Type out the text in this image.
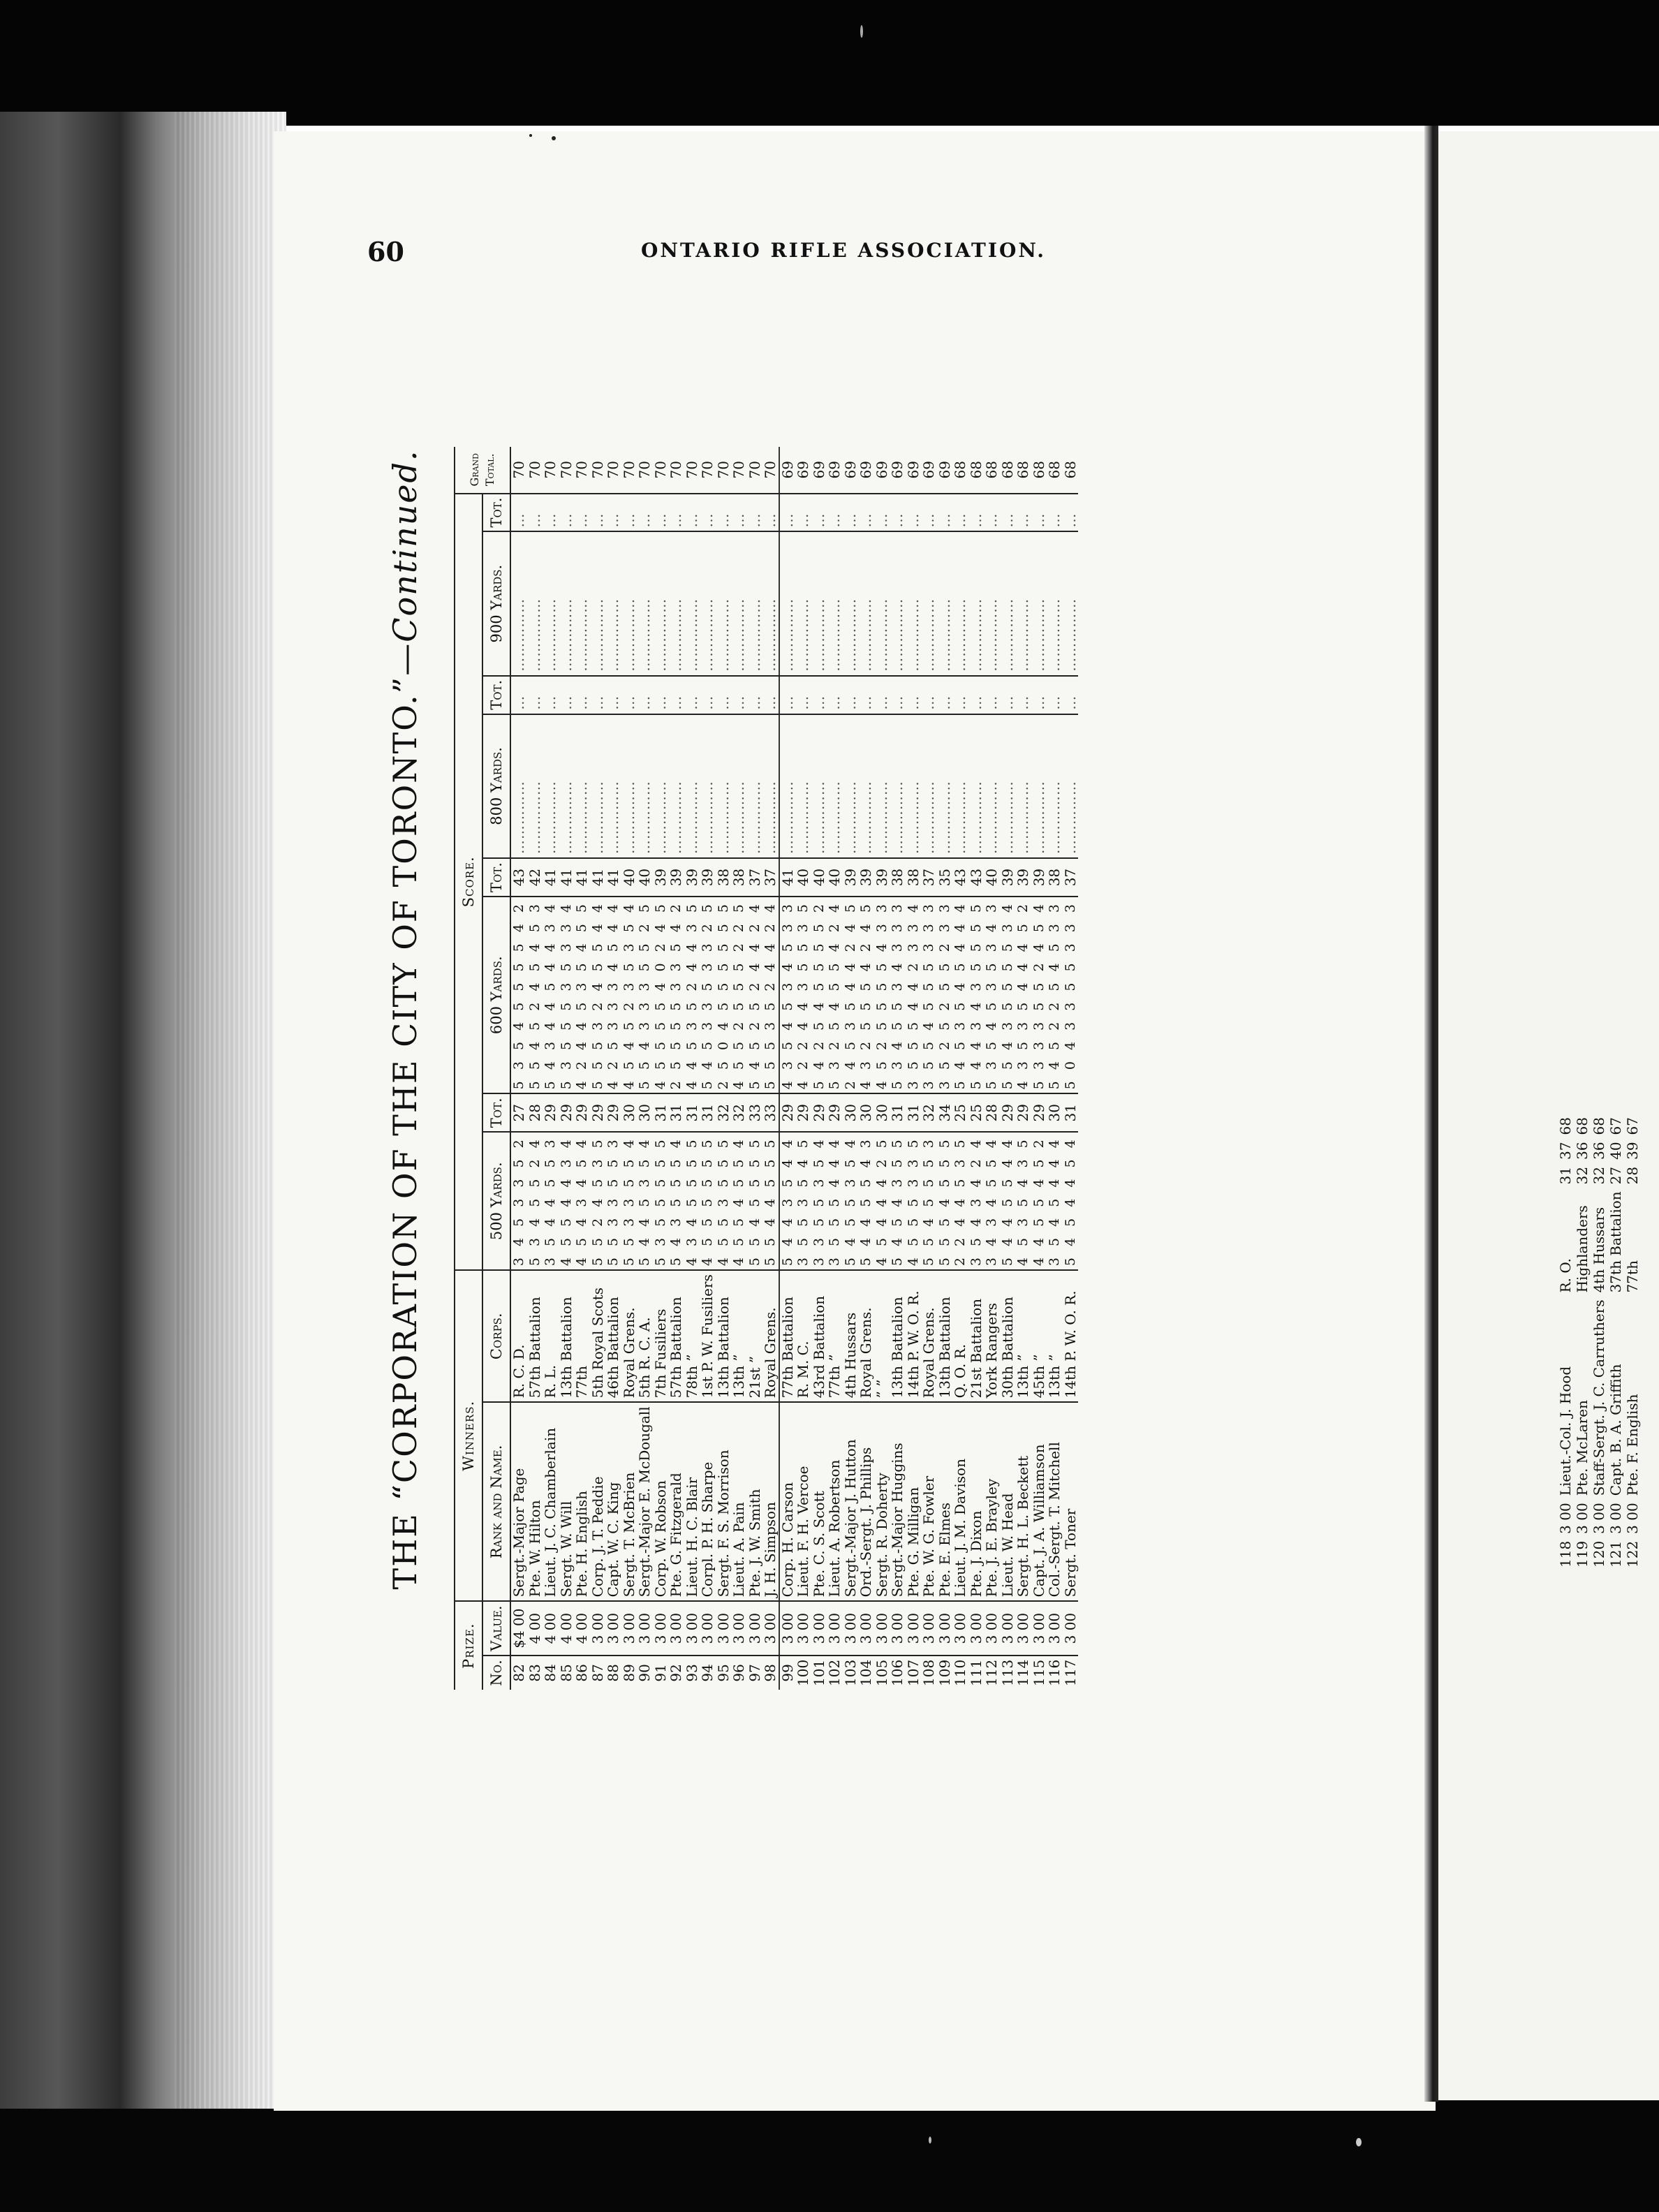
60	ONTARIO RIFLE ASSOCIATION.
THE “CORPORATION OF THE CITY OF TORONTO.”—Continued.
Prize.		Winners.		Score.								Grand Total.
No.	Value.	Rank and Name.	Corps.	500 Yards.	Tot.	600 Yards.	Tot.	800 Yards.	Tot.	900 Yards.	Tot.	
82	$4 00	Sergt.-Major Page	R. C. D.	3 4 5 3 3 5 2	27	5 3 5 4 5 5 5 5 4 2	43	……………	…	……………	…	70
83	4 00	Pte. W. Hilton	57th Battalion	5 3 4 5 5 2 4	28	5 5 4 5 2 4 5 4 5 3	42	……………	…	……………	…	70
84	4 00	Lieut. J. C. Chamberlain	R. L.	3 5 4 4 5 5 3	29	5 4 3 4 4 5 4 4 3 4	41	……………	…	……………	…	70
85	4 00	Sergt. W. Will	13th Battalion	4 5 5 4 4 3 4	29	5 3 5 5 5 3 5 3 3 4	41	……………	…	……………	…	70
86	4 00	Pte. H. English	77th	4 5 4 3 4 5 4	29	4 2 4 4 5 3 5 4 5 5	41	……………	…	……………	…	70
87	3 00	Corp. J. T. Peddie	5th Royal Scots	5 5 2 4 5 3 5	29	5 5 5 3 2 4 5 5 4 4	41	……………	…	……………	…	70
88	3 00	Capt. W. C. King	46th Battalion	5 5 3 3 5 5 3	29	4 2 5 3 3 3 4 5 4 4	41	……………	…	……………	…	70
89	3 00	Sergt. T. McBrien	Royal Grens.	5 5 3 3 5 5 4	30	4 5 4 5 2 3 5 3 5 4	40	……………	…	……………	…	70
90	3 00	Sergt.-Major E. McDougall	5th R. C. A.	5 4 4 5 3 5 4	30	5 5 4 3 3 3 5 5 2 5	40	……………	…	……………	…	70
91	3 00	Corp. W. Robson	7th Fusiliers	5 3 5 5 5 5 5	31	4 5 5 5 5 4 0 2 4 5	39	……………	…	……………	…	70
92	3 00	Pte. G. Fitzgerald	57th Battalion	5 4 3 5 5 5 4	31	2 5 5 5 5 3 3 5 4 2	39	……………	…	……………	…	70
93	3 00	Lieut. H. C. Blair	78th ”	4 3 4 5 5 5 5	31	4 4 5 3 5 2 4 4 3 5	39	……………	…	……………	…	70
94	3 00	Corpl. P. H. Sharpe	1st P. W. Fusiliers	4 5 5 5 5 5 5	31	5 4 5 3 3 5 3 3 2 5	39	……………	…	……………	…	70
95	3 00	Sergt. F. S. Morrison	13th Battalion	4 5 5 3 5 5 5	32	2 5 0 4 5 5 5 5 5 5	38	……………	…	……………	…	70
96	3 00	Lieut. A. Pain	13th ”	4 5 5 4 5 5 4	32	4 5 5 2 5 5 5 2 2 5	38	……………	…	……………	…	70
97	3 00	Pte. J. W. Smith	21st ”	5 5 4 5 5 5 5	33	5 4 5 2 5 2 4 4 2 4	37	……………	…	……………	…	70
98	3 00	J. H. Simpson	Royal Grens.	5 5 4 4 5 5 5	33	5 5 5 3 5 2 4 4 2 4	37	……………	…	……………	…	70
99	3 00	Corp. H. Carson	77th Battalion	5 4 4 3 5 4 4	29	4 3 5 4 5 3 4 5 3 3	41	……………	…	……………	…	69
100	3 00	Lieut. F. H. Vercoe	R. M. C.	3 5 5 3 5 4 5	29	4 2 2 4 4 3 5 5 3 5	40	……………	…	……………	…	69
101	3 00	Pte. C. S. Scott	43rd Battalion	3 3 5 5 3 5 4	29	5 4 2 5 4 5 5 5 5 2	40	……………	…	……………	…	69
102	3 00	Lieut. A. Robertson	77th ”	3 5 5 5 4 4 4	29	5 3 2 5 4 5 5 4 2 4	40	……………	…	……………	…	69
103	3 00	Sergt.-Major J. Hutton	4th Hussars	5 4 5 5 3 5 4	30	2 4 5 3 5 4 4 2 4 5	39	……………	…	……………	…	69
104	3 00	Ord.-Sergt. J. Phillips	Royal Grens.	5 4 4 5 5 4 3	30	4 3 2 5 5 5 4 2 4 5	39	……………	…	……………	…	69
105	3 00	Sergt. R. Doherty	” ”	4 5 4 4 4 2 5	30	4 5 2 5 5 5 5 4 3 3	39	……………	…	……………	…	69
106	3 00	Sergt.-Major Huggins	13th Battalion	5 4 5 4 3 5 5	31	5 3 4 5 5 3 4 3 3 3	38	……………	…	……………	…	69
107	3 00	Pte. G. Milligan	14th P. W. O. R.	4 5 5 5 3 3 5	31	3 5 5 5 4 4 2 3 3 4	38	……………	…	……………	…	69
108	3 00	Pte. W. G. Fowler	Royal Grens.	5 5 4 5 5 5 3	32	3 5 5 4 5 5 5 3 3 3	37	……………	…	……………	…	69
109	3 00	Pte. E. Elmes	13th Battalion	5 5 5 4 5 5 5	34	3 5 2 5 2 5 5 2 3 3	35	……………	…	……………	…	69
110	3 00	Lieut. J. M. Davison	Q. O. R.	2 2 4 4 5 3 5	25	5 4 5 3 5 4 5 4 4 4	43	……………	…	……………	…	68
111	3 00	Pte. J. Dixon	21st Battalion	3 5 4 3 4 2 4	25	5 4 4 3 4 3 5 5 5 5	43	……………	…	……………	…	68
112	3 00	Pte. J. E. Brayley	York Rangers	3 4 3 4 5 5 4	28	5 3 5 4 5 3 5 3 4 3	40	……………	…	……………	…	68
113	3 00	Lieut. W. Head	30th Battalion	5 4 4 5 5 4 4	29	5 5 4 3 5 5 5 5 3 4	39	……………	…	……………	…	68
114	3 00	Sergt. H. L. Beckett	13th ”	4 5 3 5 4 3 5	29	4 3 5 3 5 4 4 4 5 2	39	……………	…	……………	…	68
115	3 00	Capt. J. A. Williamson	45th ”	4 4 5 5 4 5 2	29	5 3 3 3 5 5 2 4 5 4	39	……………	…	……………	…	68
116	3 00	Col.-Sergt. T. Mitchell	13th ”	3 5 4 5 4 4 4	30	5 4 5 2 2 5 4 5 3 3	38	……………	…	……………	…	68
117	3 00	Sergt. Toner	14th P. W. O. R.	5 4 5 4 4 5 4	31	5 0 4 3 3 5 5 3 3 3	37	……………	…	……………	…	68
118	3 00	Lieut.-Col. J. Hood	R. O.	31	37	68
119	3 00	Pte. McLaren	Highlanders	32	36	68
120	3 00	Staff-Sergt. J. C. Carruthers	4th Hussars	32	36	68
121	3 00	Capt. B. A. Griffith	37th Battalion	27	40	67
122	3 00	Pte. F. English	77th	28	39	67
